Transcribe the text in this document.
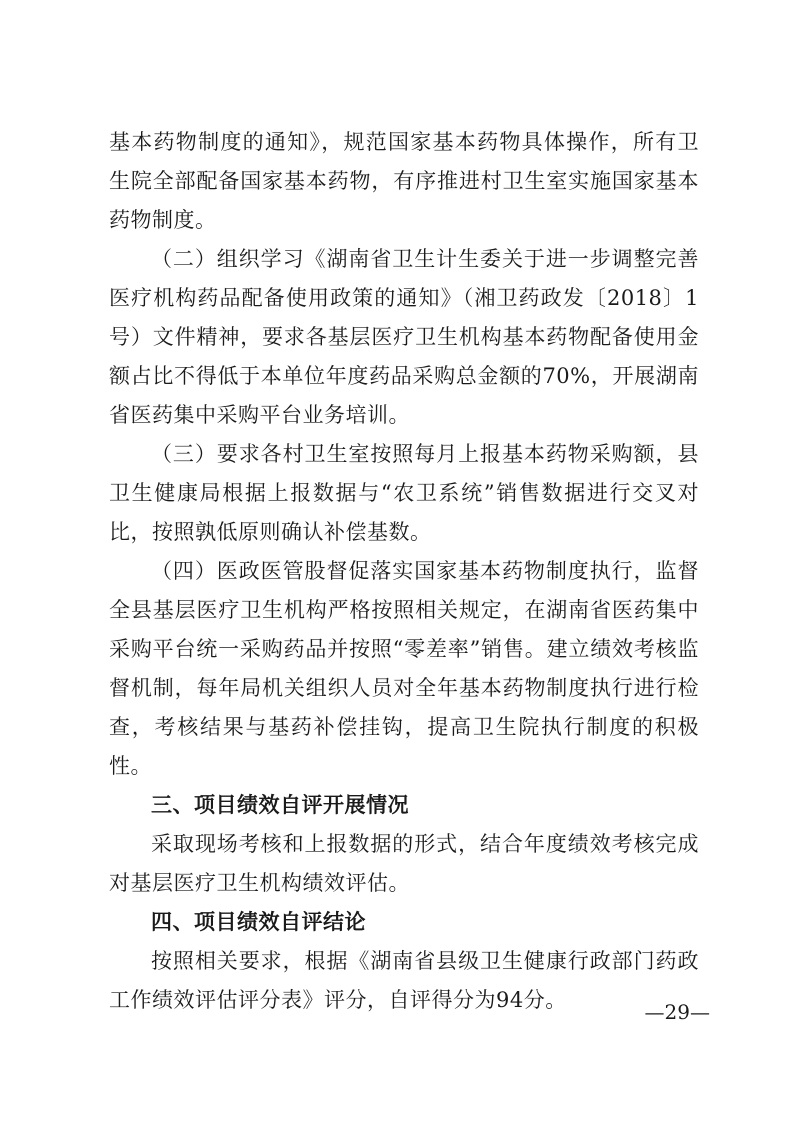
基本药物制度的通知》，规范国家基本药物具体操作，所有卫生院全部配备国家基本药物，有序推进村卫生室实施国家基本药物制度。

（二）组织学习《湖南省卫生计生委关于进一步调整完善医疗机构药品配备使用政策的通知》（湘卫药政发〔2018〕1号）文件精神，要求各基层医疗卫生机构基本药物配备使用金额占比不得低于本单位年度药品采购总金额的70%，开展湖南省医药集中采购平台业务培训。

（三）要求各村卫生室按照每月上报基本药物采购额，县卫生健康局根据上报数据与“农卫系统”销售数据进行交叉对比，按照孰低原则确认补偿基数。

（四）医政医管股督促落实国家基本药物制度执行，监督全县基层医疗卫生机构严格按照相关规定，在湖南省医药集中采购平台统一采购药品并按照“零差率”销售。建立绩效考核监督机制，每年局机关组织人员对全年基本药物制度执行进行检查，考核结果与基药补偿挂钩，提高卫生院执行制度的积极性。

三、项目绩效自评开展情况

采取现场考核和上报数据的形式，结合年度绩效考核完成对基层医疗卫生机构绩效评估。

四、项目绩效自评结论

按照相关要求，根据《湖南省县级卫生健康行政部门药政工作绩效评估评分表》评分，自评得分为94分。	—29—
